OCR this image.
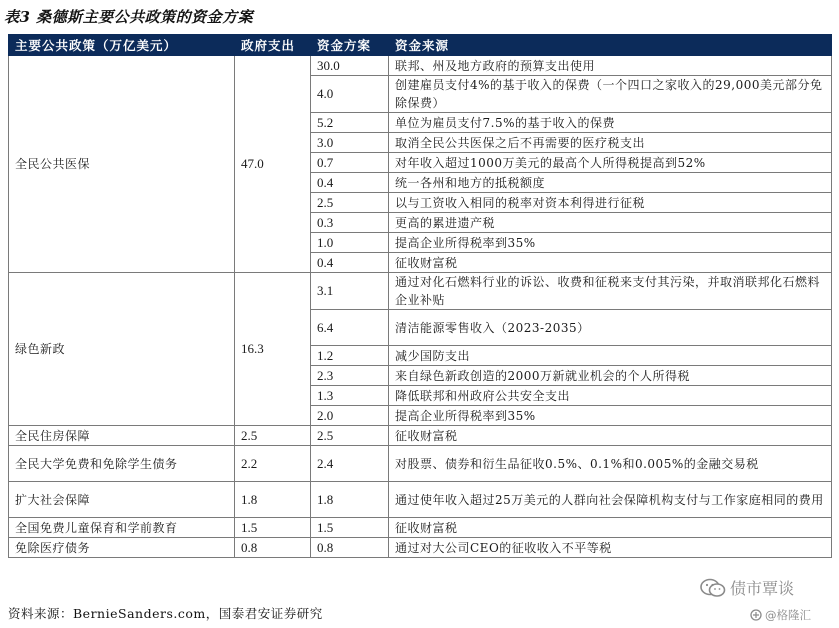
表3 桑德斯主要公共政策的资金方案
主要公共政策（万亿美元）	政府支出	资金方案	资金来源
全民公共医保	47.0	30.0	联邦、州及地方政府的预算支出使用
		4.0	创建雇员支付4%的基于收入的保费（一个四口之家收入的29,000美元部分免除保费）
		5.2	单位为雇员支付7.5%的基于收入的保费
		3.0	取消全民公共医保之后不再需要的医疗税支出
		0.7	对年收入超过1000万美元的最高个人所得税提高到52%
		0.4	统一各州和地方的抵税额度
		2.5	以与工资收入相同的税率对资本利得进行征税
		0.3	更高的累进遗产税
		1.0	提高企业所得税率到35%
		0.4	征收财富税
绿色新政	16.3	3.1	通过对化石燃料行业的诉讼、收费和征税来支付其污染，并取消联邦化石燃料企业补贴
		6.4	清洁能源零售收入（2023-2035）
		1.2	减少国防支出
		2.3	来自绿色新政创造的2000万新就业机会的个人所得税
		1.3	降低联邦和州政府公共安全支出
		2.0	提高企业所得税率到35%
全民住房保障	2.5	2.5	征收财富税
全民大学免费和免除学生债务	2.2	2.4	对股票、债券和衍生品征收0.5%、0.1%和0.005%的金融交易税
扩大社会保障	1.8	1.8	通过使年收入超过25万美元的人群向社会保障机构支付与工作家庭相同的费用
全国免费儿童保育和学前教育	1.5	1.5	征收财富税
免除医疗债务	0.8	0.8	通过对大公司CEO的征收收入不平等税
资料来源：BernieSanders.com，国泰君安证券研究
债市覃谈
@格隆汇
